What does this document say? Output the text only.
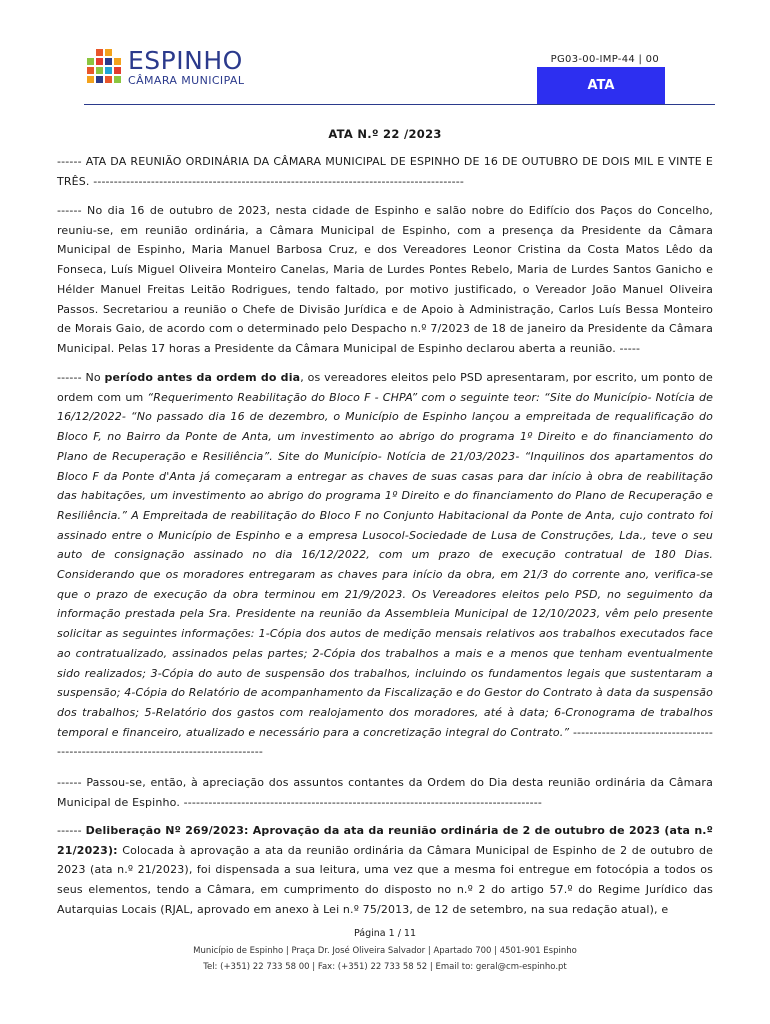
ESPINHO
CÂMARA MUNICIPAL
PG03-00-IMP-44 | 00
ATA
ATA N.º 22 /2023
------ ATA DA REUNIÃO ORDINÁRIA DA CÂMARA MUNICIPAL DE ESPINHO DE 16 DE OUTUBRO DE DOIS MIL E VINTE E TRÊS. ------------------------------------------------------------------------------------------
------ No dia 16 de outubro de 2023, nesta cidade de Espinho e salão nobre do Edifício dos Paços do Concelho, reuniu-se, em reunião ordinária, a Câmara Municipal de Espinho, com a presença da Presidente da Câmara Municipal de Espinho, Maria Manuel Barbosa Cruz, e dos Vereadores Leonor Cristina da Costa Matos Lêdo da Fonseca, Luís Miguel Oliveira Monteiro Canelas, Maria de Lurdes Pontes Rebelo, Maria de Lurdes Santos Ganicho e Hélder Manuel Freitas Leitão Rodrigues, tendo faltado, por motivo justificado, o Vereador João Manuel Oliveira Passos. Secretariou a reunião o Chefe de Divisão Jurídica e de Apoio à Administração, Carlos Luís Bessa Monteiro de Morais Gaio, de acordo com o determinado pelo Despacho n.º 7/2023 de 18 de janeiro da Presidente da Câmara Municipal. Pelas 17 horas a Presidente da Câmara Municipal de Espinho declarou aberta a reunião. -----
------ No período antes da ordem do dia, os vereadores eleitos pelo PSD apresentaram, por escrito, um ponto de ordem com um “Requerimento Reabilitação do Bloco F - CHPA” com o seguinte teor: “Site do Município- Notícia de 16/12/2022- “No passado dia 16 de dezembro, o Município de Espinho lançou a empreitada de requalificação do Bloco F, no Bairro da Ponte de Anta, um investimento ao abrigo do programa 1º Direito e do financiamento do Plano de Recuperação e Resiliência”. Site do Município- Notícia de 21/03/2023- “Inquilinos dos apartamentos do Bloco F da Ponte d'Anta já começaram a entregar as chaves de suas casas para dar início à obra de reabilitação das habitações, um investimento ao abrigo do programa 1º Direito e do financiamento do Plano de Recuperação e Resiliência.” A Empreitada de reabilitação do Bloco F no Conjunto Habitacional da Ponte de Anta, cujo contrato foi assinado entre o Município de Espinho e a empresa Lusocol-Sociedade de Lusa de Construções, Lda., teve o seu auto de consignação assinado no dia 16/12/2022, com um prazo de execução contratual de 180 Dias. Considerando que os moradores entregaram as chaves para início da obra, em 21/3 do corrente ano, verifica-se que o prazo de execução da obra terminou em 21/9/2023. Os Vereadores eleitos pelo PSD, no seguimento da informação prestada pela Sra. Presidente na reunião da Assembleia Municipal de 12/10/2023, vêm pelo presente solicitar as seguintes informações: 1-Cópia dos autos de medição mensais relativos aos trabalhos executados face ao contratualizado, assinados pelas partes; 2-Cópia dos trabalhos a mais e a menos que tenham eventualmente sido realizados; 3-Cópia do auto de suspensão dos trabalhos, incluindo os fundamentos legais que sustentaram a suspensão; 4-Cópia do Relatório de acompanhamento da Fiscalização e do Gestor do Contrato à data da suspensão dos trabalhos; 5-Relatório dos gastos com realojamento dos moradores, até à data; 6-Cronograma de trabalhos temporal e financeiro, atualizado e necessário para a concretização integral do Contrato.” ------------------------------------------------------------------------------------
------ Passou-se, então, à apreciação dos assuntos contantes da Ordem do Dia desta reunião ordinária da Câmara Municipal de Espinho. ---------------------------------------------------------------------------------------
------ Deliberação Nº 269/2023: Aprovação da ata da reunião ordinária de 2 de outubro de 2023 (ata n.º 21/2023): Colocada à aprovação a ata da reunião ordinária da Câmara Municipal de Espinho de 2 de outubro de 2023 (ata n.º 21/2023), foi dispensada a sua leitura, uma vez que a mesma foi entregue em fotocópia a todos os seus elementos, tendo a Câmara, em cumprimento do disposto no n.º 2 do artigo 57.º do Regime Jurídico das Autarquias Locais (RJAL, aprovado em anexo à Lei n.º 75/2013, de 12 de setembro, na sua redação atual), e
Página 1 / 11
Município de Espinho | Praça Dr. José Oliveira Salvador | Apartado 700 | 4501-901 Espinho
Tel: (+351) 22 733 58 00 | Fax: (+351) 22 733 58 52 | Email to: geral@cm-espinho.pt
